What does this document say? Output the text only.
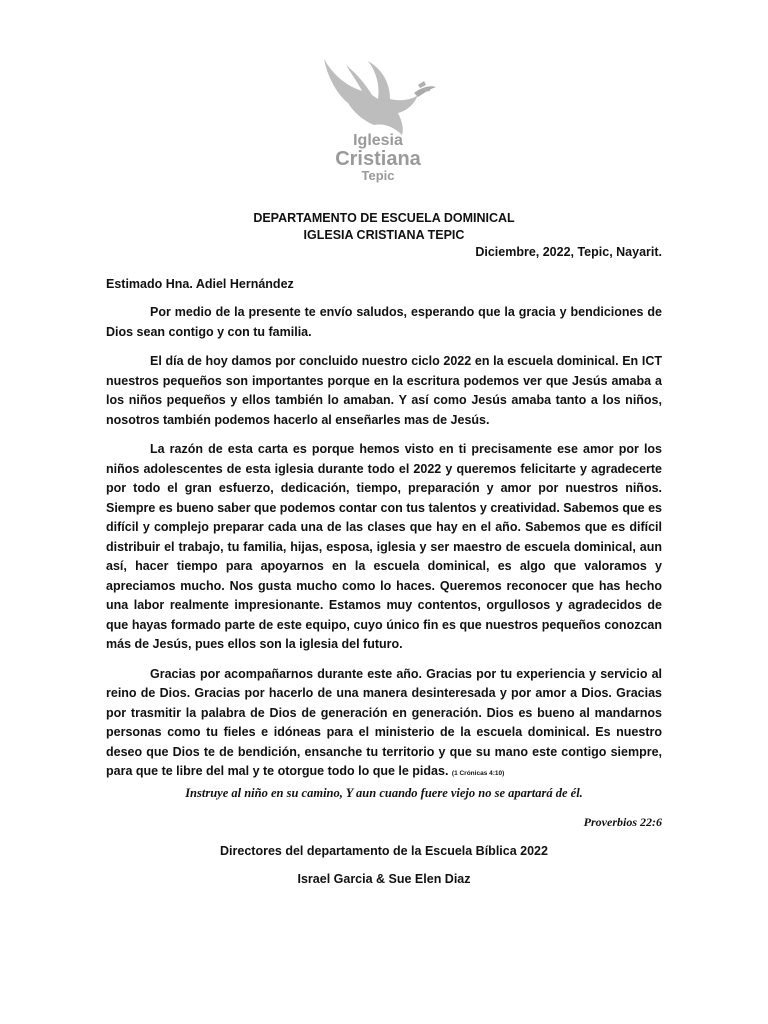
Iglesia
Cristiana
Tepic
DEPARTAMENTO DE ESCUELA DOMINICAL
IGLESIA CRISTIANA TEPIC
Diciembre, 2022, Tepic, Nayarit.
Estimado Hna. Adiel Hernández

Por medio de la presente te envío saludos, esperando que la gracia y bendiciones de Dios sean contigo y con tu familia.

El día de hoy damos por concluido nuestro ciclo 2022 en la escuela dominical. En ICT nuestros pequeños son importantes porque en la escritura podemos ver que Jesús amaba a los niños pequeños y ellos también lo amaban. Y así como Jesús amaba tanto a los niños, nosotros también podemos hacerlo al enseñarles mas de Jesús.

La razón de esta carta es porque hemos visto en ti precisamente ese amor por los niños adolescentes de esta iglesia durante todo el 2022 y queremos felicitarte y agradecerte por todo el gran esfuerzo, dedicación, tiempo, preparación y amor por nuestros niños. Siempre es bueno saber que podemos contar con tus talentos y creatividad. Sabemos que es difícil y complejo preparar cada una de las clases que hay en el año. Sabemos que es difícil distribuir el trabajo, tu familia, hijas, esposa, iglesia y ser maestro de escuela dominical, aun así, hacer tiempo para apoyarnos en la escuela dominical, es algo que valoramos y apreciamos mucho. Nos gusta mucho como lo haces. Queremos reconocer que has hecho una labor realmente impresionante. Estamos muy contentos, orgullosos y agradecidos de que hayas formado parte de este equipo, cuyo único fin es que nuestros pequeños conozcan más de Jesús, pues ellos son la iglesia del futuro.

Gracias por acompañarnos durante este año. Gracias por tu experiencia y servicio al reino de Dios. Gracias por hacerlo de una manera desinteresada y por amor a Dios. Gracias por trasmitir la palabra de Dios de generación en generación. Dios es bueno al mandarnos personas como tu fieles e idóneas para el ministerio de la escuela dominical. Es nuestro deseo que Dios te de bendición, ensanche tu territorio y que su mano este contigo siempre, para que te libre del mal y te otorgue todo lo que le pidas. (1 Crónicas 4:10)

Instruye al niño en su camino, Y aun cuando fuere viejo no se apartará de él.
Proverbios 22:6
Directores del departamento de la Escuela Bíblica 2022
Israel Garcia & Sue Elen Diaz
